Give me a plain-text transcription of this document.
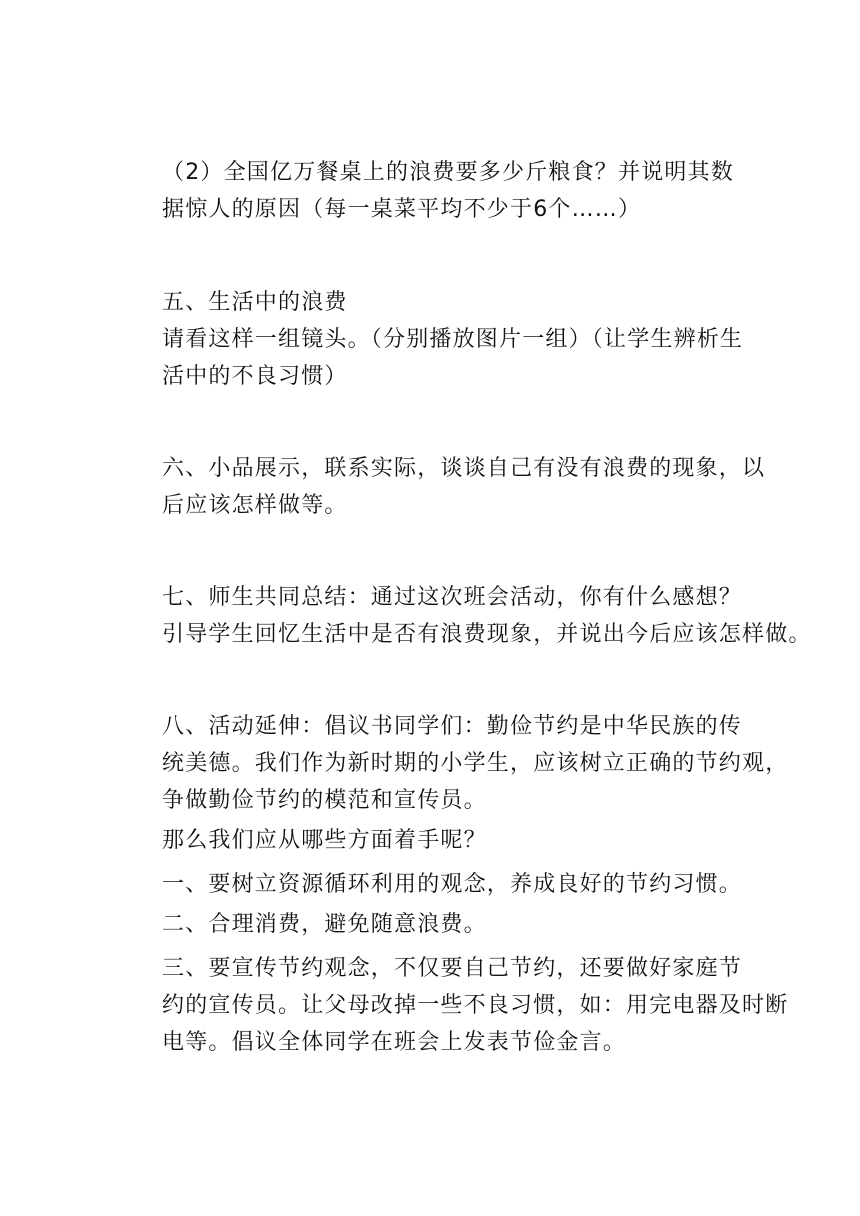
（2）全国亿万餐桌上的浪费要多少斤粮食？并说明其数
据惊人的原因（每一桌菜平均不少于6个……）

五、生活中的浪费

请看这样一组镜头。（分别播放图片一组）（让学生辨析生
活中的不良习惯）

六、小品展示，联系实际，谈谈自己有没有浪费的现象，以
后应该怎样做等。

七、师生共同总结：通过这次班会活动，你有什么感想？
引导学生回忆生活中是否有浪费现象，并说出今后应该怎样做。

八、活动延伸：倡议书同学们：勤俭节约是中华民族的传
统美德。我们作为新时期的小学生，应该树立正确的节约观，
争做勤俭节约的模范和宣传员。

那么我们应从哪些方面着手呢？

一、要树立资源循环利用的观念，养成良好的节约习惯。

二、合理消费，避免随意浪费。

三、要宣传节约观念，不仅要自己节约，还要做好家庭节
约的宣传员。让父母改掉一些不良习惯，如：用完电器及时断
电等。倡议全体同学在班会上发表节俭金言。
